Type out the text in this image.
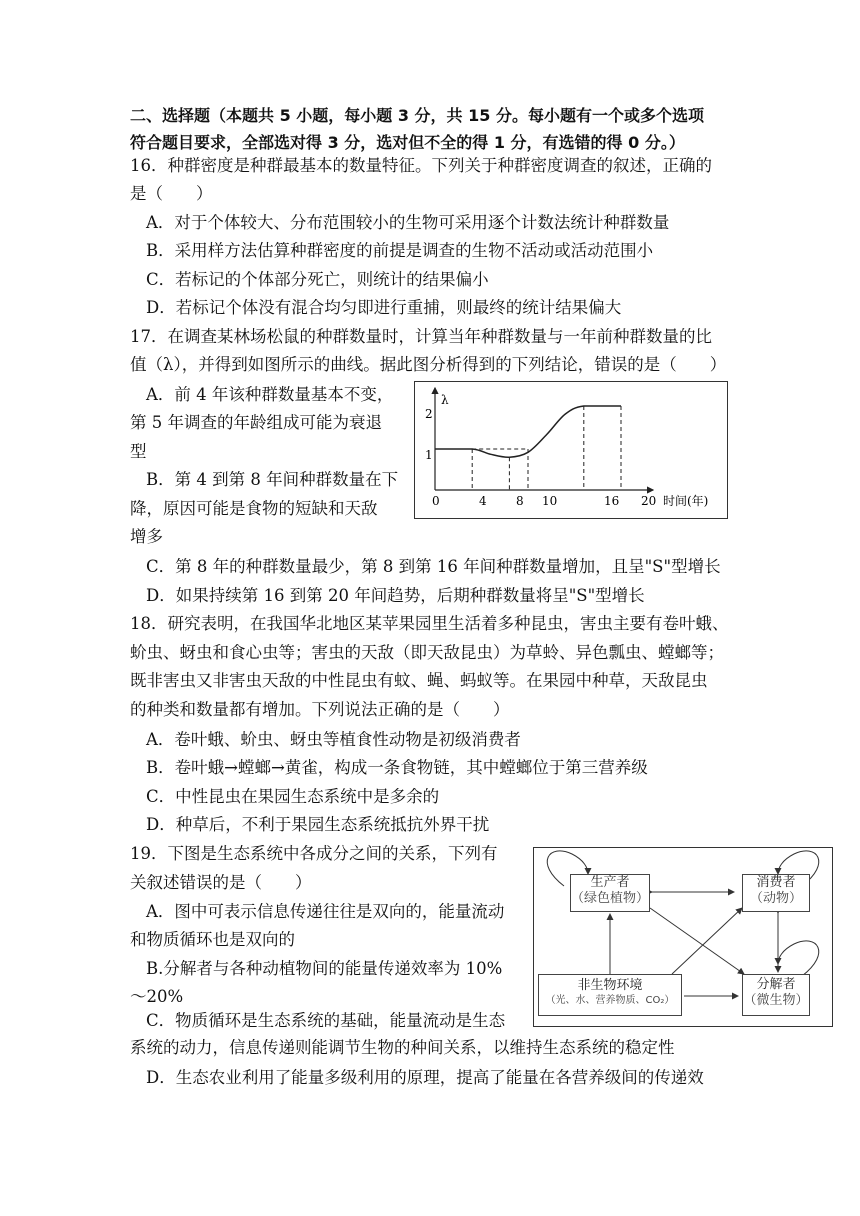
二、选择题（本题共 5 小题，每小题 3 分，共 15 分。每小题有一个或多个选项
符合题目要求，全部选对得 3 分，选对但不全的得 1 分，有选错的得 0 分。）
16．种群密度是种群最基本的数量特征。下列关于种群密度调查的叙述，正确的
是（　　）
A．对于个体较大、分布范围较小的生物可采用逐个计数法统计种群数量
B．采用样方法估算种群密度的前提是调查的生物不活动或活动范围小
C．若标记的个体部分死亡，则统计的结果偏小
D．若标记个体没有混合均匀即进行重捕，则最终的统计结果偏大
17．在调查某林场松鼠的种群数量时，计算当年种群数量与一年前种群数量的比
值（λ），并得到如图所示的曲线。据此图分析得到的下列结论，错误的是（　　）
A．前 4 年该种群数量基本不变，
第 5 年调查的年龄组成可能为衰退
型
B．第 4 到第 8 年间种群数量在下
降，原因可能是食物的短缺和天敌
增多
λ
时间(年)
0	4 8 10	16 20
1
2
C．第 8 年的种群数量最少，第 8 到第 16 年间种群数量增加，且呈"S"型增长
D．如果持续第 16 到第 20 年间趋势，后期种群数量将呈"S"型增长
18．研究表明，在我国华北地区某苹果园里生活着多种昆虫，害虫主要有卷叶蛾、
蚧虫、蚜虫和食心虫等；害虫的天敌（即天敌昆虫）为草蛉、异色瓢虫、螳螂等；
既非害虫又非害虫天敌的中性昆虫有蚊、蝇、蚂蚁等。在果园中种草，天敌昆虫
的种类和数量都有增加。下列说法正确的是（　　）
A．卷叶蛾、蚧虫、蚜虫等植食性动物是初级消费者
B．卷叶蛾→螳螂→黄雀，构成一条食物链，其中螳螂位于第三营养级
C．中性昆虫在果园生态系统中是多余的
D．种草后，不利于果园生态系统抵抗外界干扰
19．下图是生态系统中各成分之间的关系，下列有
关叙述错误的是（　　）
A．图中可表示信息传递往往是双向的，能量流动
和物质循环也是双向的
B.分解者与各种动植物间的能量传递效率为 10%
～20%
C．物质循环是生态系统的基础，能量流动是生态
系统的动力，信息传递则能调节生物的种间关系，以维持生态系统的稳定性
D．生态农业利用了能量多级利用的原理，提高了能量在各营养级间的传递效
生产者
（绿色植物）
消费者
（动物）
非生物环境
（光、水、营养物质、CO₂）
分解者
（微生物）
